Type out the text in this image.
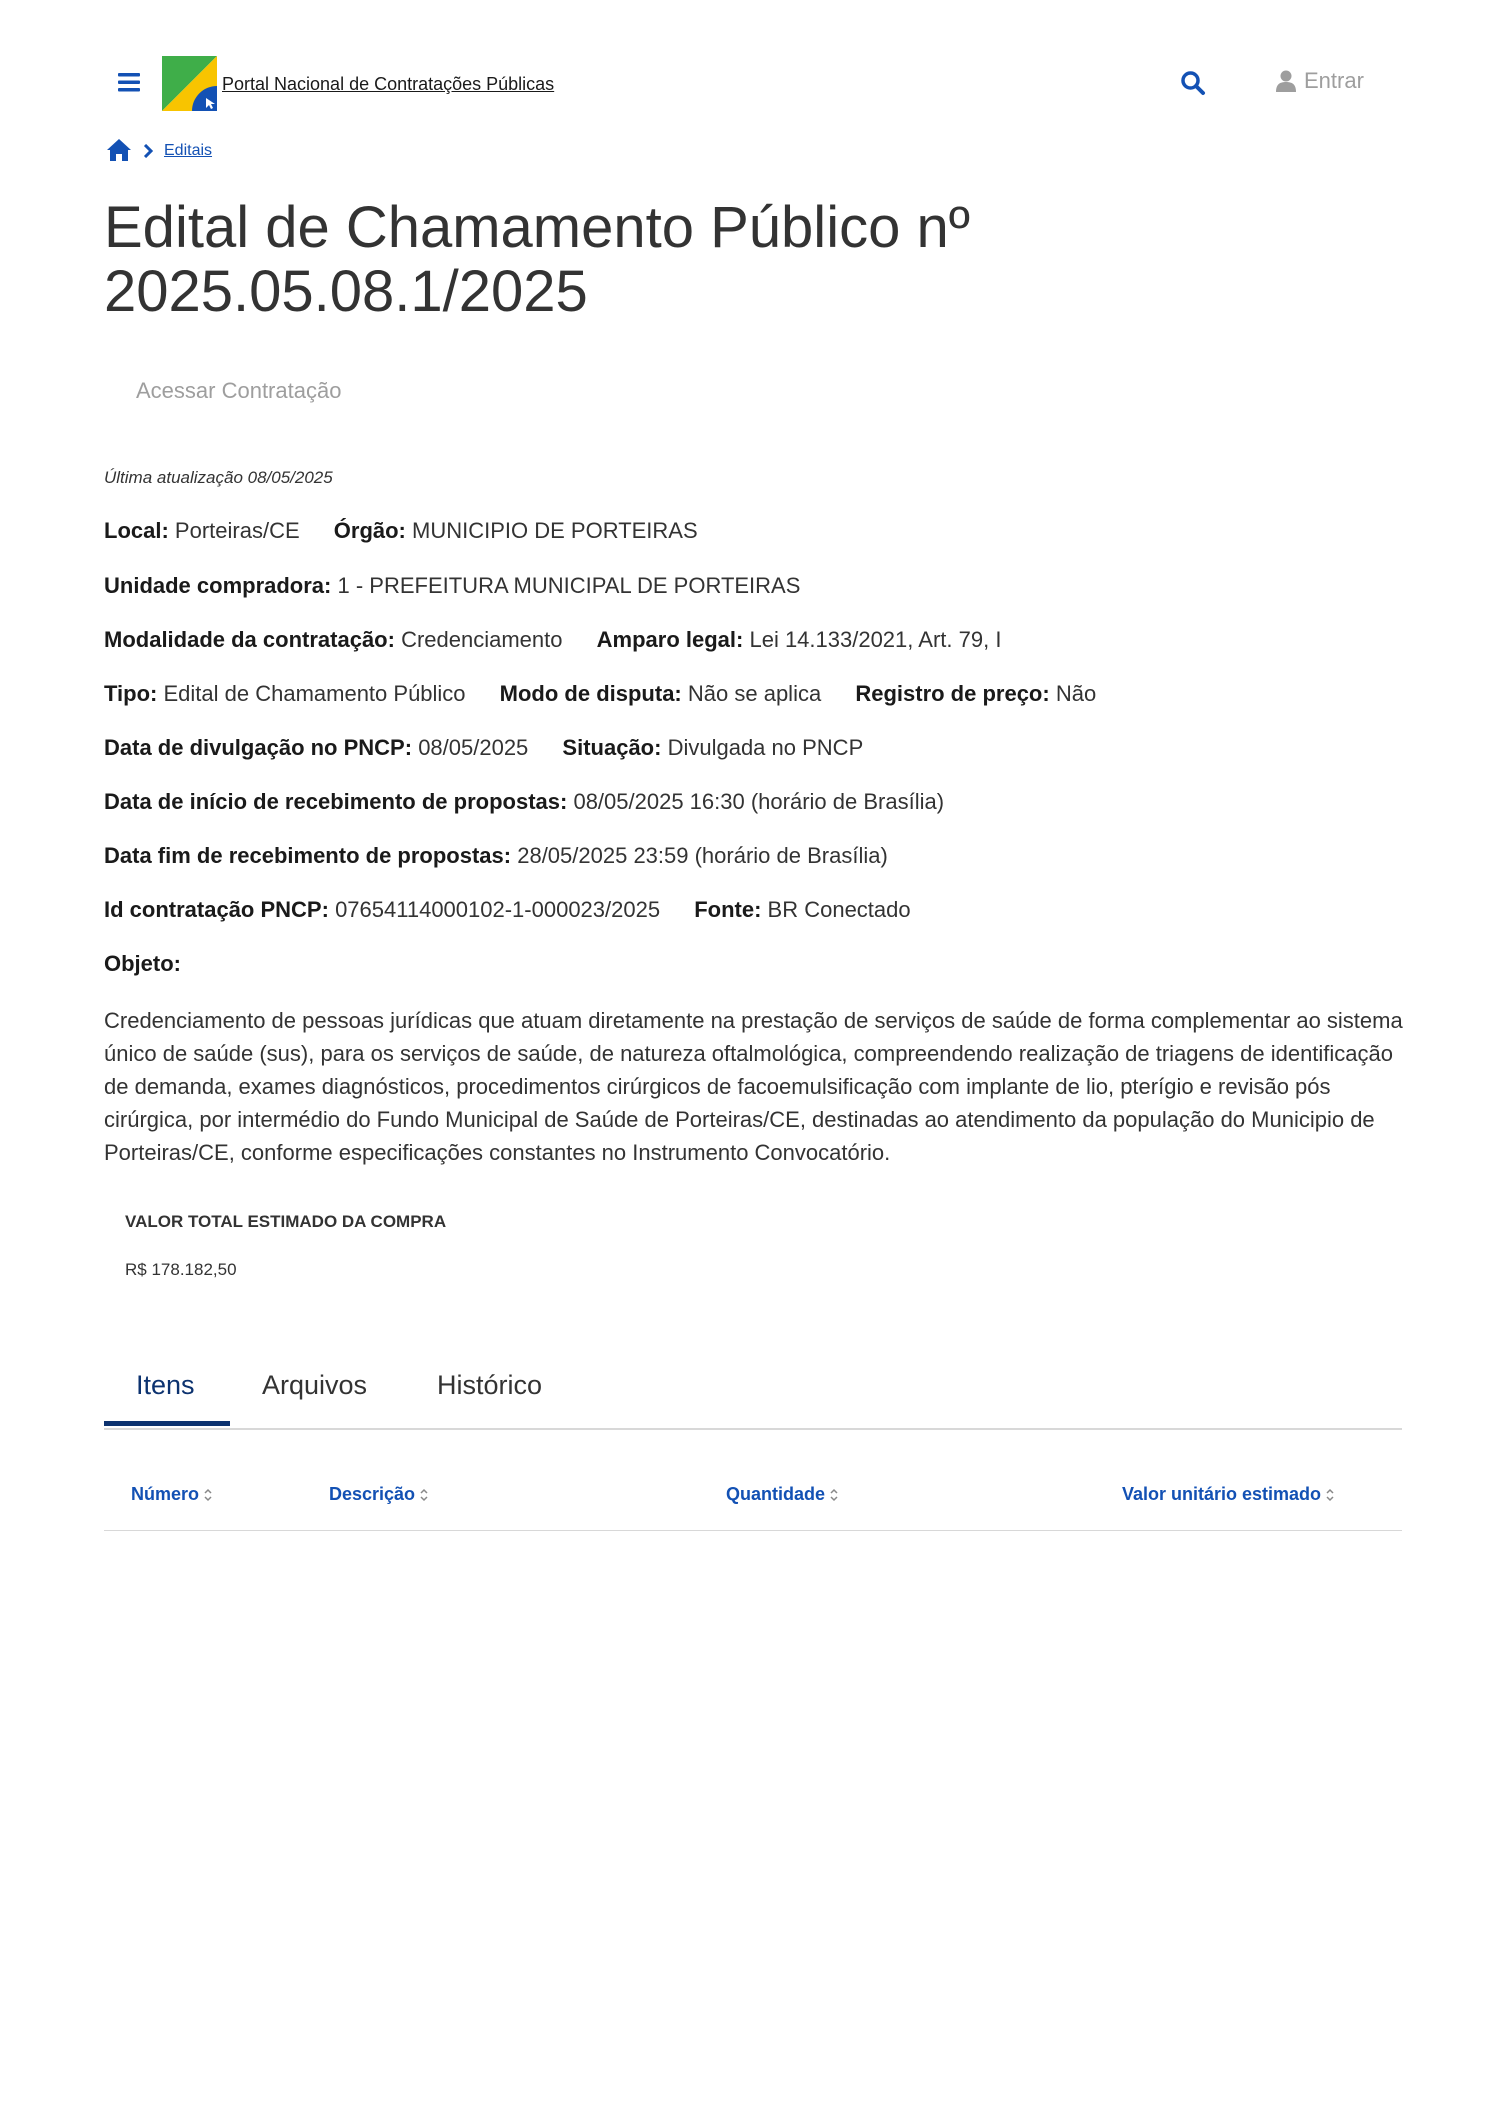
Portal Nacional de Contratações Públicas	Entrar
Editais
Edital de Chamamento Público nº 2025.05.08.1/2025
Acessar Contratação
Última atualização 08/05/2025
Local: Porteiras/CE Órgão: MUNICIPIO DE PORTEIRAS
Unidade compradora: 1 - PREFEITURA MUNICIPAL DE PORTEIRAS
Modalidade da contratação: Credenciamento Amparo legal: Lei 14.133/2021, Art. 79, I
Tipo: Edital de Chamamento Público Modo de disputa: Não se aplica Registro de preço: Não
Data de divulgação no PNCP: 08/05/2025 Situação: Divulgada no PNCP
Data de início de recebimento de propostas: 08/05/2025 16:30 (horário de Brasília)
Data fim de recebimento de propostas: 28/05/2025 23:59 (horário de Brasília)
Id contratação PNCP: 07654114000102-1-000023/2025 Fonte: BR Conectado
Objeto:
Credenciamento de pessoas jurídicas que atuam diretamente na prestação de serviços de saúde de forma complementar ao sistema único de saúde (sus), para os serviços de saúde, de natureza oftalmológica, compreendendo realização de triagens de identificação de demanda, exames diagnósticos, procedimentos cirúrgicos de facoemulsificação com implante de lio, pterígio e revisão pós cirúrgica, por intermédio do Fundo Municipal de Saúde de Porteiras/CE, destinadas ao atendimento da população do Municipio de Porteiras/CE, conforme especificações constantes no Instrumento Convocatório.
VALOR TOTAL ESTIMADO DA COMPRA
R$ 178.182,50
Itens Arquivos	Histórico
Número	Descrição	Quantidade	Valor unitário estimado
